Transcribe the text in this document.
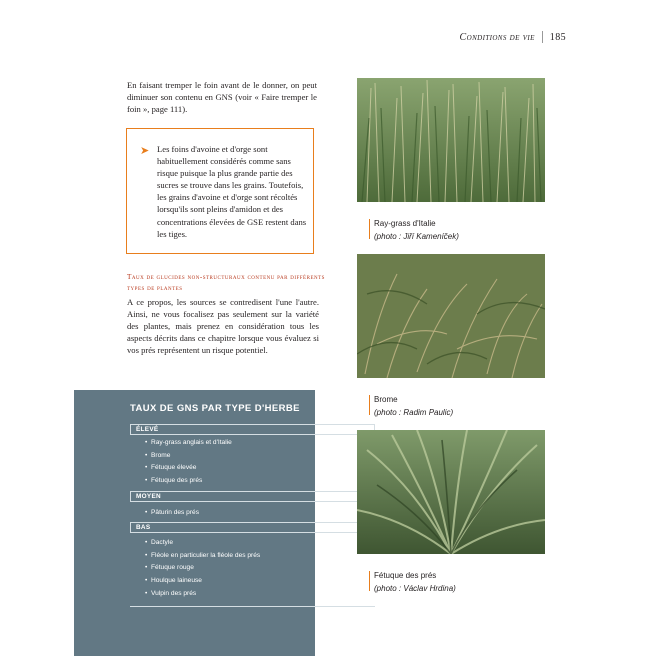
Conditions de vie 185
En faisant tremper le foin avant de le donner, on peut diminuer son contenu en GNS (voir « Faire tremper le foin », page 111).
➤ Les foins d'avoine et d'orge sont habituellement considérés comme sans risque puisque la plus grande partie des sucres se trouve dans les grains. Toutefois, les grains d'avoine et d'orge sont récoltés lorsqu'ils sont pleins d'amidon et des concentrations élevées de GSE restent dans les tiges.
Taux de glucides non-structuraux contenu par différents types de plantes
A ce propos, les sources se contredisent l'une l'autre. Ainsi, ne vous focalisez pas seulement sur la variété des plantes, mais prenez en considération tous les aspects décrits dans ce chapitre lorsque vous évaluez si vos prés représentent un risque potentiel.
TAUX DE GNS PAR TYPE D'HERBE
ÉLEVÉ
• Ray-grass anglais et d'Italie
• Brome
• Fétuque élevée
• Fétuque des prés
MOYEN
• Pâturin des prés
BAS
• Dactyle
• Fléole en particulier la fléole des prés
• Fétuque rouge
• Houlque laineuse
• Vulpin des prés
Ray-grass d'Italie
(photo : Jiří Kameníček)
Brome
(photo : Radim Paulic)
Fétuque des prés
(photo : Václav Hrdina)
